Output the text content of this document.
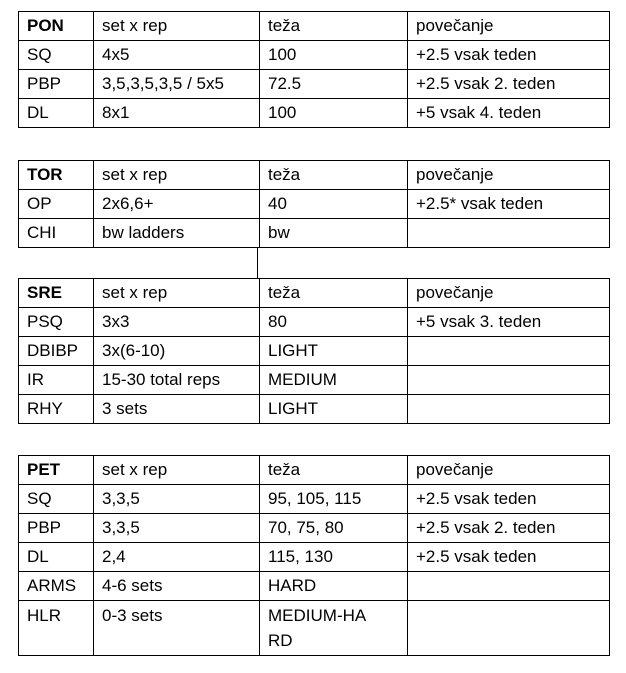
PON	set x rep	teža	povečanje
SQ	4x5	100	+2.5 vsak teden
PBP	3,5,3,5,3,5 / 5x5	72.5	+2.5 vsak 2. teden
DL	8x1	100	+5 vsak 4. teden
TOR	set x rep	teža	povečanje
OP	2x6,6+	40	+2.5* vsak teden
CHI	bw ladders	bw	
SRE	set x rep	teža	povečanje
PSQ	3x3	80	+5 vsak 3. teden
DBIBP	3x(6-10)	LIGHT	
IR	15-30 total reps	MEDIUM	
RHY	3 sets	LIGHT	
PET	set x rep	teža	povečanje
SQ	3,3,5	95, 105, 115	+2.5 vsak teden
PBP	3,3,5	70, 75, 80	+2.5 vsak 2. teden
DL	2,4	115, 130	+2.5 vsak teden
ARMS	4-6 sets	HARD	
HLR	0-3 sets	MEDIUM-HARD	
